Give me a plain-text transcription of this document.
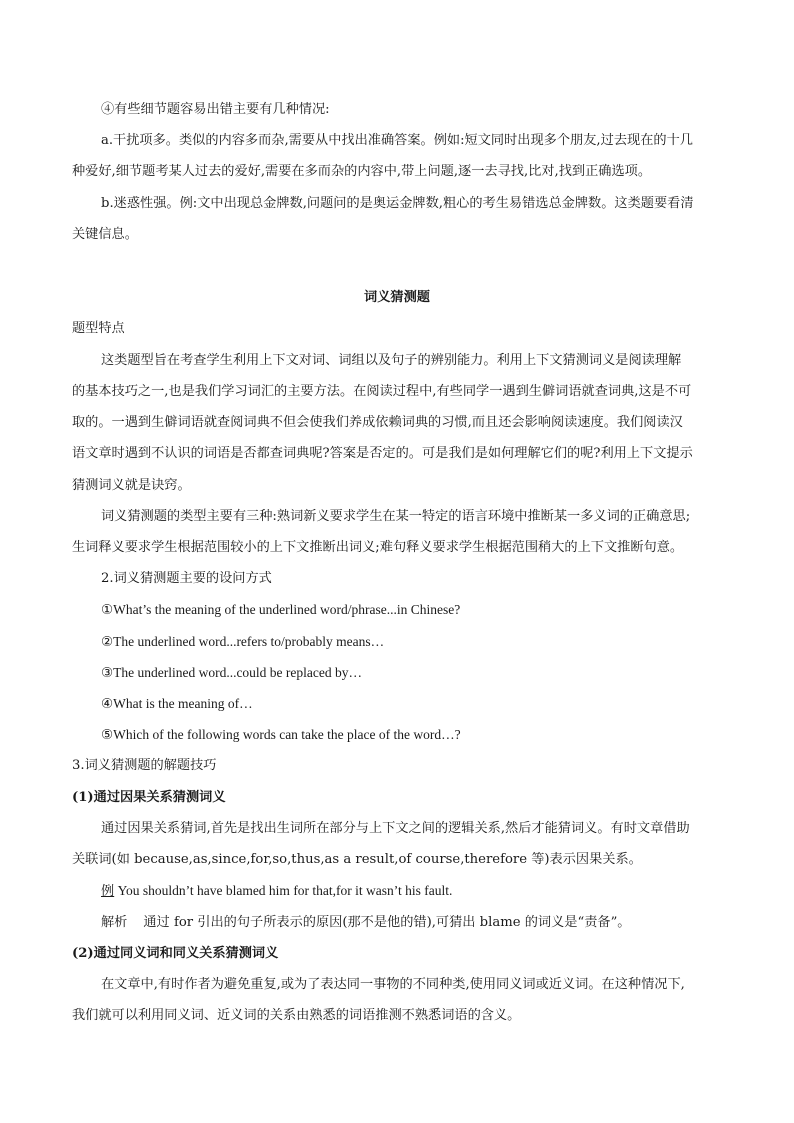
④有些细节题容易出错主要有几种情况:
a.干扰项多。类似的内容多而杂,需要从中找出准确答案。例如:短文同时出现多个朋友,过去现在的十几
种爱好,细节题考某人过去的爱好,需要在多而杂的内容中,带上问题,逐一去寻找,比对,找到正确选项。
b.迷惑性强。例:文中出现总金牌数,问题问的是奥运金牌数,粗心的考生易错选总金牌数。这类题要看清
关键信息。
词义猜测题
题型特点
这类题型旨在考查学生利用上下文对词、词组以及句子的辨别能力。利用上下文猜测词义是阅读理解
的基本技巧之一,也是我们学习词汇的主要方法。在阅读过程中,有些同学一遇到生僻词语就查词典,这是不可
取的。一遇到生僻词语就查阅词典不但会使我们养成依赖词典的习惯,而且还会影响阅读速度。我们阅读汉
语文章时遇到不认识的词语是否都查词典呢?答案是否定的。可是我们是如何理解它们的呢?利用上下文提示
猜测词义就是诀窍。
词义猜测题的类型主要有三种:熟词新义要求学生在某一特定的语言环境中推断某一多义词的正确意思;
生词释义要求学生根据范围较小的上下文推断出词义;难句释义要求学生根据范围稍大的上下文推断句意。
2.词义猜测题主要的设问方式
①What’s the meaning of the underlined word/phrase...in Chinese?
②The underlined word...refers to/probably means…
③The underlined word...could be replaced by…
④What is the meaning of…
⑤Which of the following words can take the place of the word…?
3.词义猜测题的解题技巧
(1)通过因果关系猜测词义
通过因果关系猜词,首先是找出生词所在部分与上下文之间的逻辑关系,然后才能猜词义。有时文章借助
关联词(如 because,as,since,for,so,thus,as a result,of course,therefore 等)表示因果关系。
例 You shouldn’t have blamed him for that,for it wasn’t his fault.
解析 通过 for 引出的句子所表示的原因(那不是他的错),可猜出 blame 的词义是“责备”。
(2)通过同义词和同义关系猜测词义
在文章中,有时作者为避免重复,或为了表达同一事物的不同种类,使用同义词或近义词。在这种情况下,
我们就可以利用同义词、近义词的关系由熟悉的词语推测不熟悉词语的含义。
